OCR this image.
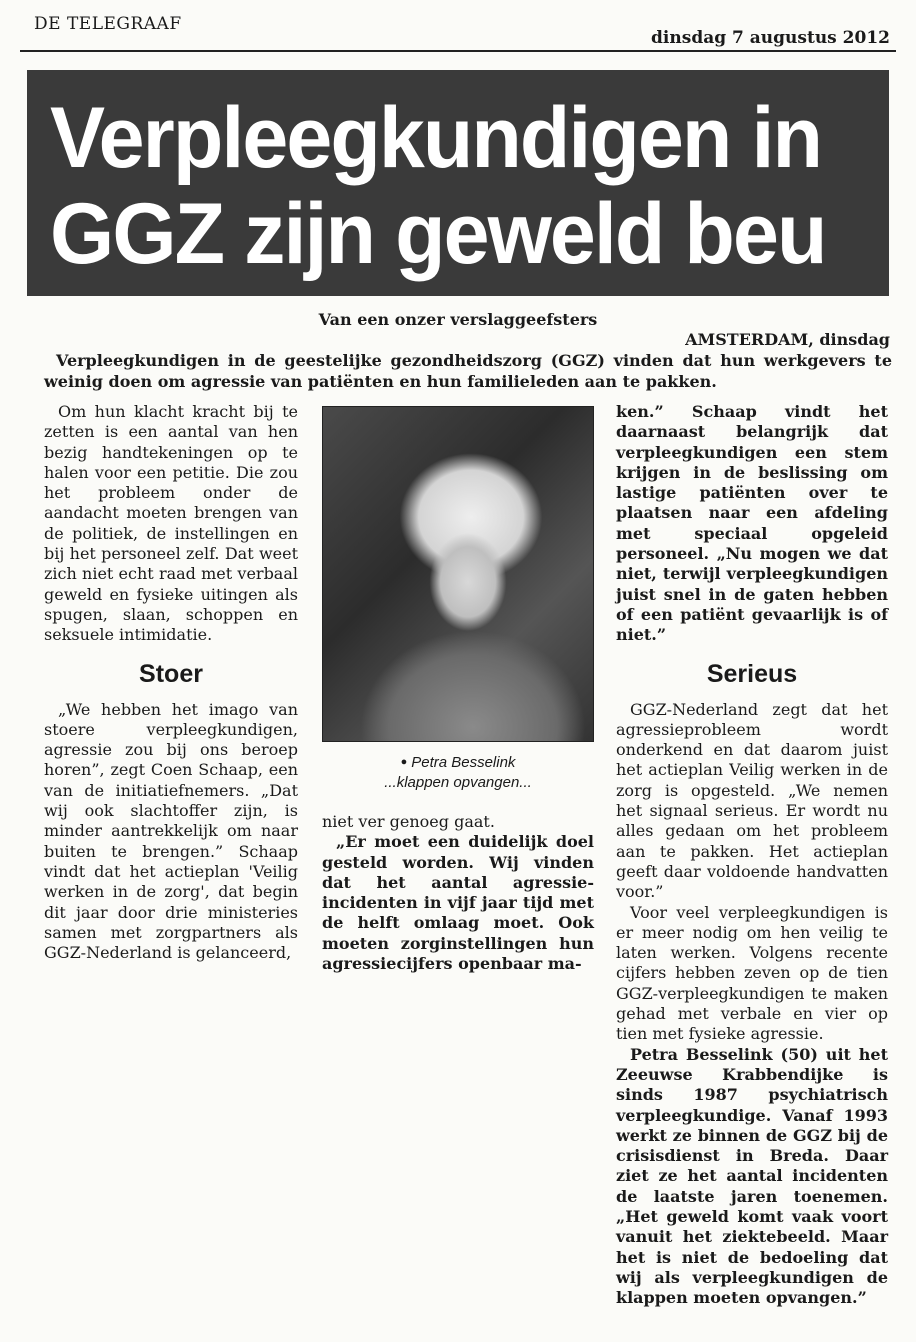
DE TELEGRAAF
dinsdag 7 augustus 2012
Verpleegkundigen in
GGZ zijn geweld beu
Van een onzer verslaggeefsters
AMSTERDAM, dinsdag
Verpleegkundigen in de geestelijke gezondheidszorg (GGZ) vinden dat hun werkgevers te weinig doen om agressie van patiënten en hun familieleden aan te pakken.

Om hun klacht kracht bij te zetten is een aantal van hen bezig handtekeningen op te halen voor een petitie. Die zou het probleem onder de aandacht moeten brengen van de politiek, de instellingen en bij het personeel zelf. Dat weet zich niet echt raad met verbaal geweld en fysieke uitingen als spugen, slaan, schoppen en seksuele intimidatie.

Stoer

„We hebben het imago van stoere verpleegkundigen, agressie zou bij ons beroep horen”, zegt Coen Schaap, een van de initiatiefnemers. „Dat wij ook slachtoffer zijn, is minder aantrekkelijk om naar buiten te brengen.” Schaap vindt dat het actieplan 'Veilig werken in de zorg', dat begin dit jaar door drie ministeries samen met zorgpartners als GGZ-Nederland is gelanceerd,

● Petra Besselink
...klappen opvangen...

niet ver genoeg gaat.

„Er moet een duidelijk doel gesteld worden. Wij vinden dat het aantal agressie-incidenten in vijf jaar tijd met de helft omlaag moet. Ook moeten zorginstellingen hun agressiecijfers openbaar ma-

ken.” Schaap vindt het daarnaast belangrijk dat verpleegkundigen een stem krijgen in de beslissing om lastige patiënten over te plaatsen naar een afdeling met speciaal opgeleid personeel. „Nu mogen we dat niet, terwijl verpleegkundigen juist snel in de gaten hebben of een patiënt gevaarlijk is of niet.”

Serieus

GGZ-Nederland zegt dat het agressieprobleem wordt onderkend en dat daarom juist het actieplan Veilig werken in de zorg is opgesteld. „We nemen het signaal serieus. Er wordt nu alles gedaan om het probleem aan te pakken. Het actieplan geeft daar voldoende handvatten voor.”

Voor veel verpleegkundigen is er meer nodig om hen veilig te laten werken. Volgens recente cijfers hebben zeven op de tien GGZ-verpleegkundigen te maken gehad met verbale en vier op tien met fysieke agressie.

Petra Besselink (50) uit het Zeeuwse Krabbendijke is sinds 1987 psychiatrisch verpleegkundige. Vanaf 1993 werkt ze binnen de GGZ bij de crisisdienst in Breda. Daar ziet ze het aantal incidenten de laatste jaren toenemen. „Het geweld komt vaak voort vanuit het ziektebeeld. Maar het is niet de bedoeling dat wij als verpleegkundigen de klappen moeten opvangen.”
